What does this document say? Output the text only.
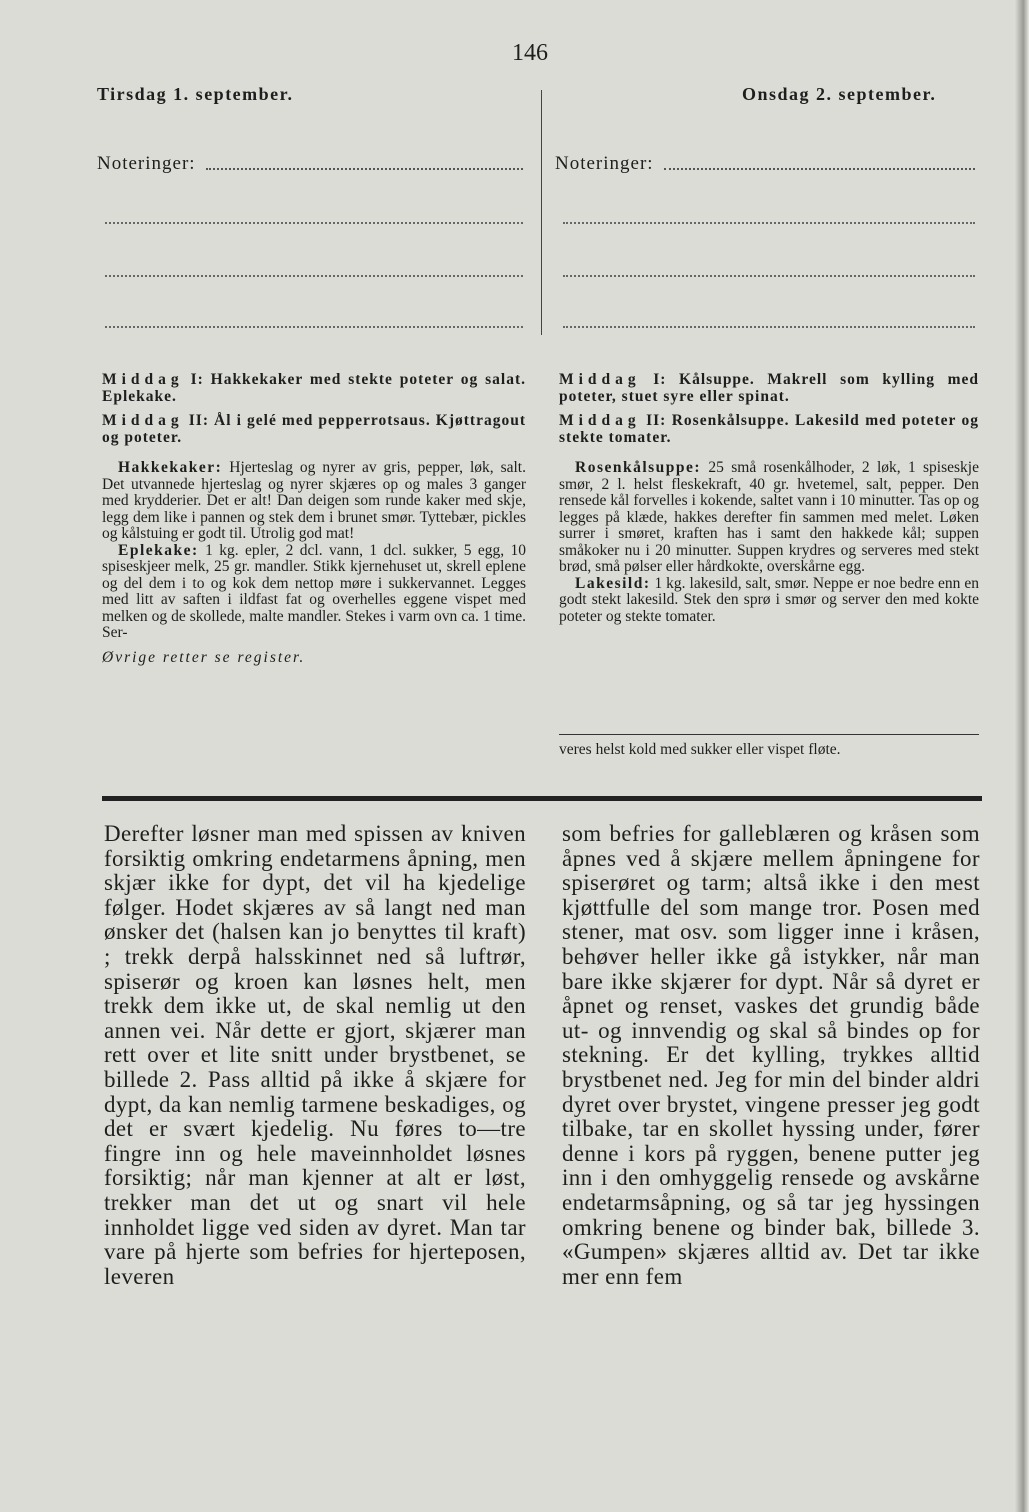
146
Tirsdag 1. september.	Onsdag 2. september.
Noteringer:	Noteringer:

Middag I: Hakkekaker med stekte poteter og salat. Eplekake.

Middag II: Ål i gelé med pepperrotsaus. Kjøttragout og poteter.

Hakkekaker: Hjerteslag og nyrer av gris, pepper, løk, salt. Det utvannede hjerteslag og nyrer skjæres op og males 3 ganger med krydderier. Det er alt! Dan deigen som runde kaker med skje, legg dem like i pannen og stek dem i brunet smør. Tyttebær, pickles og kålstuing er godt til. Utrolig god mat!

Eplekake: 1 kg. epler, 2 dcl. vann, 1 dcl. sukker, 5 egg, 10 spiseskjeer melk, 25 gr. mandler. Stikk kjernehuset ut, skrell eplene og del dem i to og kok dem nettop møre i sukkervannet. Legges med litt av saften i ildfast fat og overhelles eggene vispet med melken og de skollede, malte mandler. Stekes i varm ovn ca. 1 time. Ser-

Øvrige retter se register.

Middag I: Kålsuppe. Makrell som kylling med poteter, stuet syre eller spinat.

Middag II: Rosenkålsuppe. Lakesild med poteter og stekte tomater.

Rosenkålsuppe: 25 små rosenkålhoder, 2 løk, 1 spiseskje smør, 2 l. helst fleskekraft, 40 gr. hvetemel, salt, pepper. Den rensede kål forvelles i kokende, saltet vann i 10 minutter. Tas op og legges på klæde, hakkes derefter fin sammen med melet. Løken surrer i smøret, kraften has i samt den hakkede kål; suppen småkoker nu i 20 minutter. Suppen krydres og serveres med stekt brød, små pølser eller hårdkokte, overskårne egg.

Lakesild: 1 kg. lakesild, salt, smør. Neppe er noe bedre enn en godt stekt lakesild. Stek den sprø i smør og server den med kokte poteter og stekte tomater.

veres helst kold med sukker eller vispet fløte.

Derefter løsner man med spissen av kniven forsiktig omkring endetarmens åpning, men skjær ikke for dypt, det vil ha kjedelige følger. Hodet skjæres av så langt ned man ønsker det (halsen kan jo benyttes til kraft) ; trekk derpå halsskinnet ned så luftrør, spiserør og kroen kan løsnes helt, men trekk dem ikke ut, de skal nemlig ut den annen vei. Når dette er gjort, skjærer man rett over et lite snitt under brystbenet, se billede 2. Pass alltid på ikke å skjære for dypt, da kan nemlig tarmene beskadiges, og det er svært kjedelig. Nu føres to—tre fingre inn og hele maveinnholdet løsnes forsiktig; når man kjenner at alt er løst, trekker man det ut og snart vil hele innholdet ligge ved siden av dyret. Man tar vare på hjerte som befries for hjerteposen, leveren

som befries for galleblæren og kråsen som åpnes ved å skjære mellem åpningene for spiserøret og tarm; altså ikke i den mest kjøttfulle del som mange tror. Posen med stener, mat osv. som ligger inne i kråsen, behøver heller ikke gå istykker, når man bare ikke skjærer for dypt. Når så dyret er åpnet og renset, vaskes det grundig både ut- og innvendig og skal så bindes op for stekning. Er det kylling, trykkes alltid brystbenet ned. Jeg for min del binder aldri dyret over brystet, vingene presser jeg godt tilbake, tar en skollet hyssing under, fører denne i kors på ryggen, benene putter jeg inn i den omhyggelig rensede og avskårne endetarmsåpning, og så tar jeg hyssingen omkring benene og binder bak, billede 3. «Gumpen» skjæres alltid av. Det tar ikke mer enn fem
